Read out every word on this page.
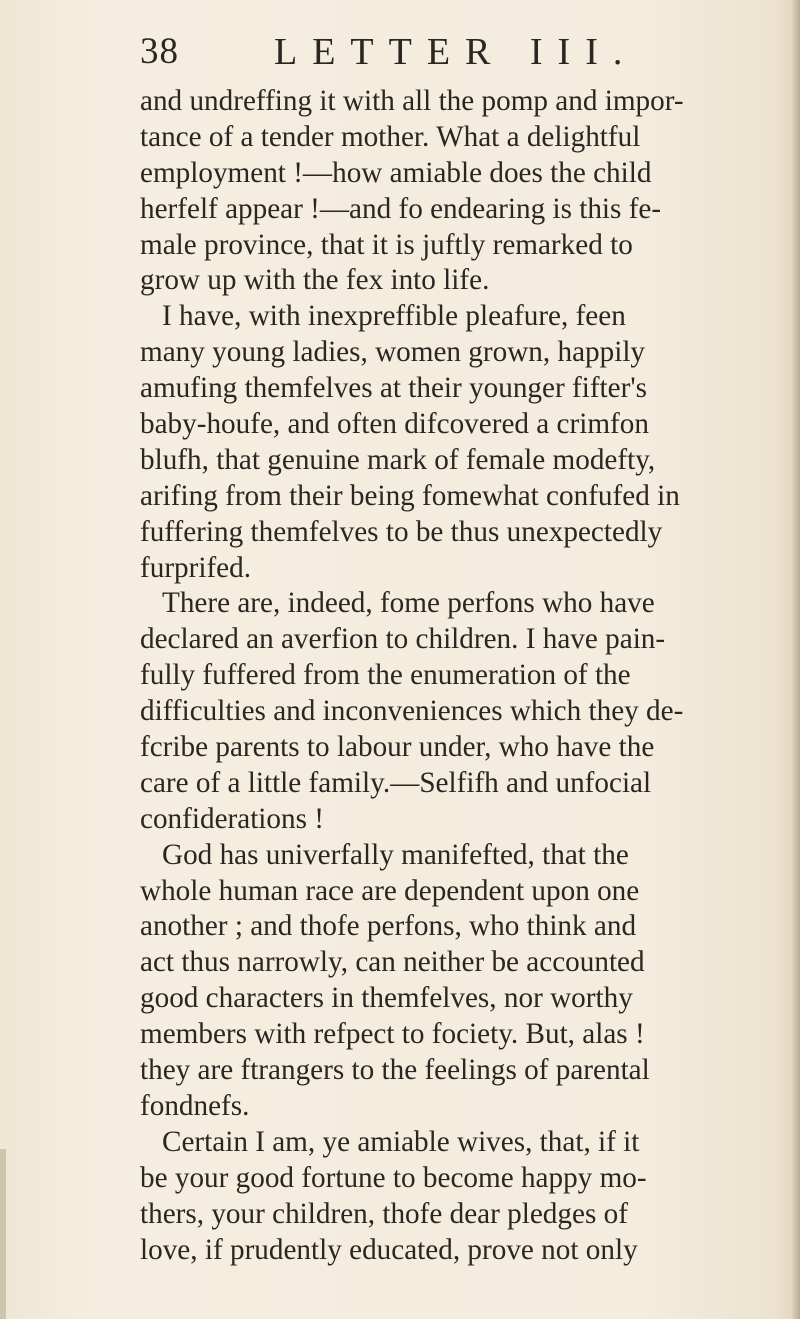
38	LETTER III.
and undreffing it with all the pomp and impor-
tance of a tender mother. What a delightful
employment !—how amiable does the child
herfelf appear !—and fo endearing is this fe-
male province, that it is juftly remarked to
grow up with the fex into life.
I have, with inexpreffible pleafure, feen
many young ladies, women grown, happily
amufing themfelves at their younger fifter's
baby-houfe, and often difcovered a crimfon
blufh, that genuine mark of female modefty,
arifing from their being fomewhat confufed in
fuffering themfelves to be thus unexpectedly
furprifed.
There are, indeed, fome perfons who have
declared an averfion to children. I have pain-
fully fuffered from the enumeration of the
difficulties and inconveniences which they de-
fcribe parents to labour under, who have the
care of a little family.—Selfifh and unfocial
confiderations !
God has univerfally manifefted, that the
whole human race are dependent upon one
another ; and thofe perfons, who think and
act thus narrowly, can neither be accounted
good characters in themfelves, nor worthy
members with refpect to fociety. But, alas !
they are ftrangers to the feelings of parental
fondnefs.
Certain I am, ye amiable wives, that, if it
be your good fortune to become happy mo-
thers, your children, thofe dear pledges of
love, if prudently educated, prove not only
